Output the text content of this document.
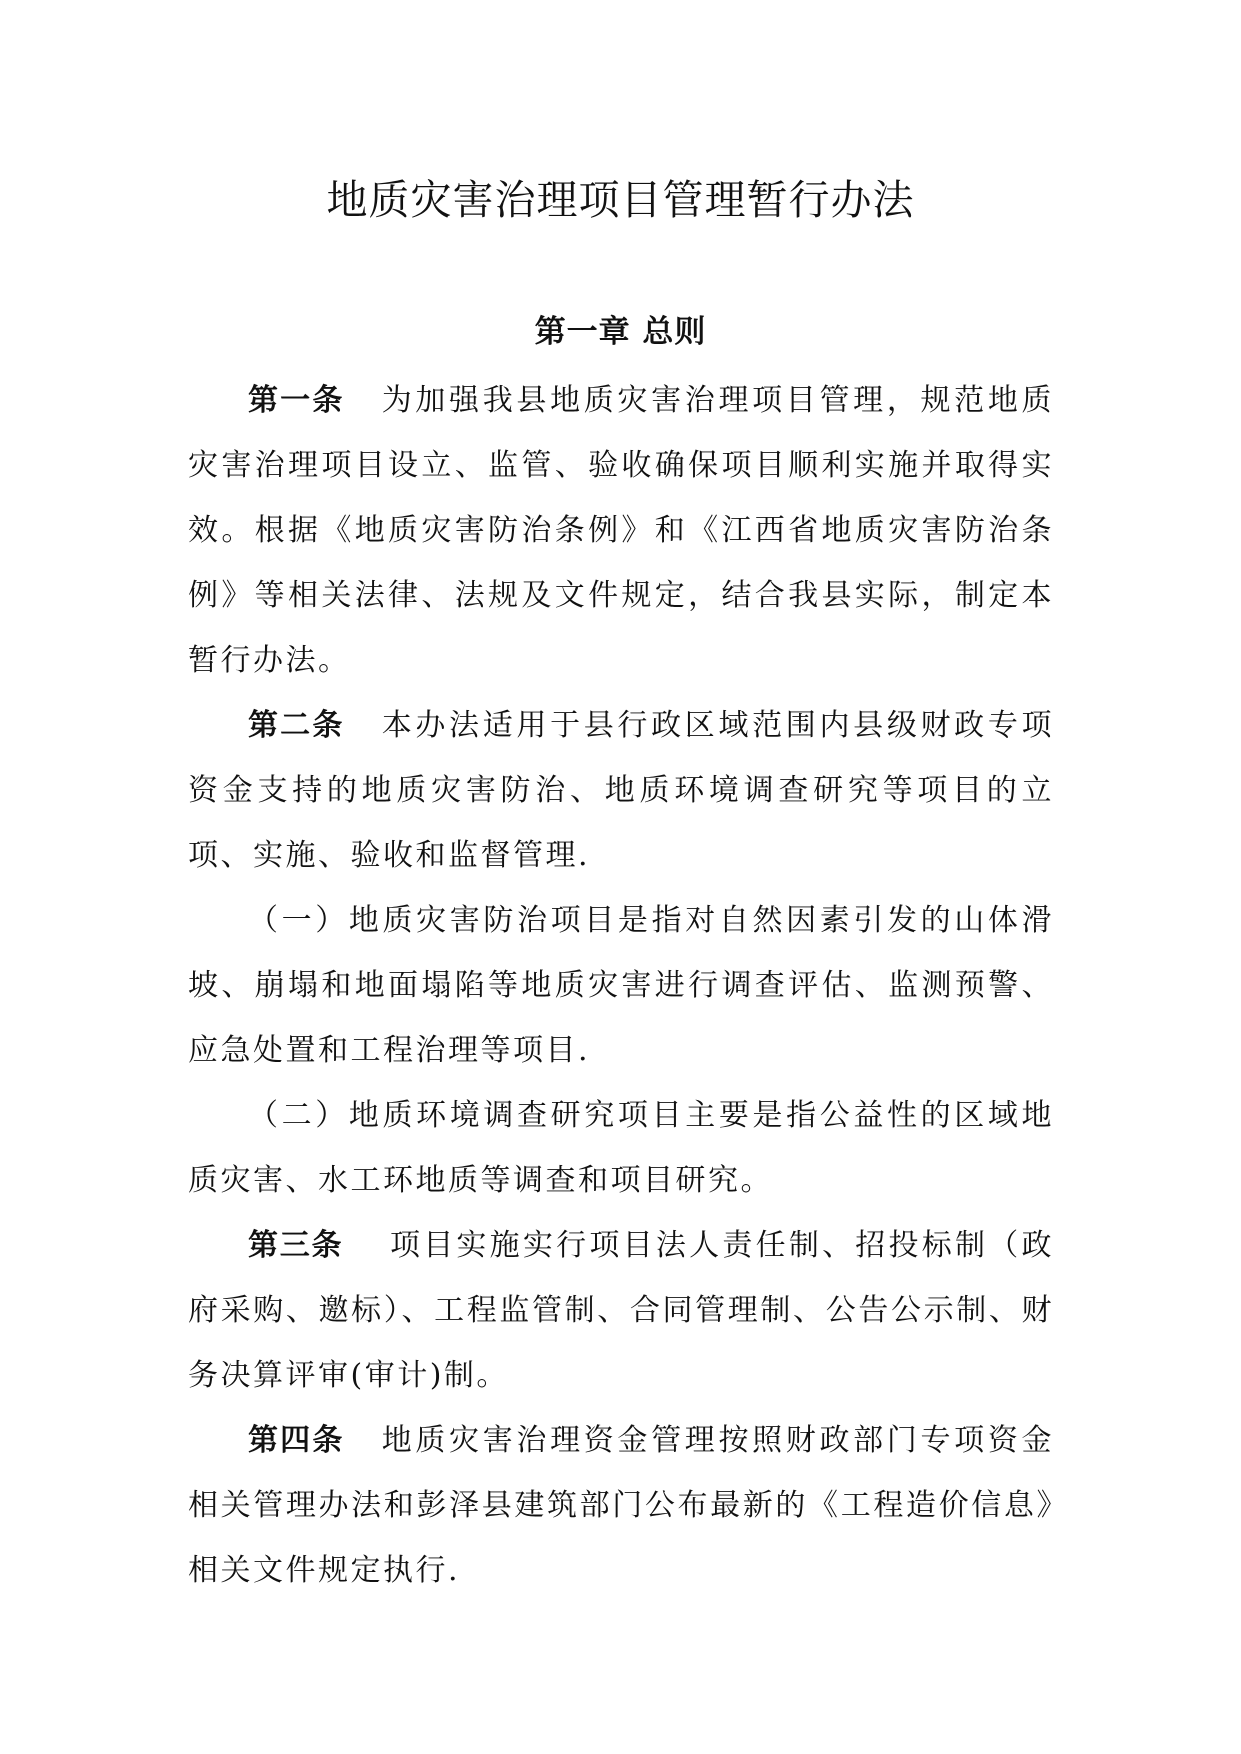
地质灾害治理项目管理暂行办法
第一章 总则

第一条 为加强我县地质灾害治理项目管理，规范地质灾害治理项目设立、监管、验收确保项目顺利实施并取得实效。根据《地质灾害防治条例》和《江西省地质灾害防治条例》等相关法律、法规及文件规定，结合我县实际，制定本暂行办法。

第二条 本办法适用于县行政区域范围内县级财政专项资金支持的地质灾害防治、地质环境调查研究等项目的立项、实施、验收和监督管理.

（一）地质灾害防治项目是指对自然因素引发的山体滑坡、崩塌和地面塌陷等地质灾害进行调查评估、监测预警、应急处置和工程治理等项目.

（二）地质环境调查研究项目主要是指公益性的区域地质灾害、水工环地质等调查和项目研究。

第三条 项目实施实行项目法人责任制、招投标制（政府采购、邀标）、工程监管制、合同管理制、公告公示制、财务决算评审(审计)制。

第四条 地质灾害治理资金管理按照财政部门专项资金相关管理办法和彭泽县建筑部门公布最新的《工程造价信息》相关文件规定执行.
